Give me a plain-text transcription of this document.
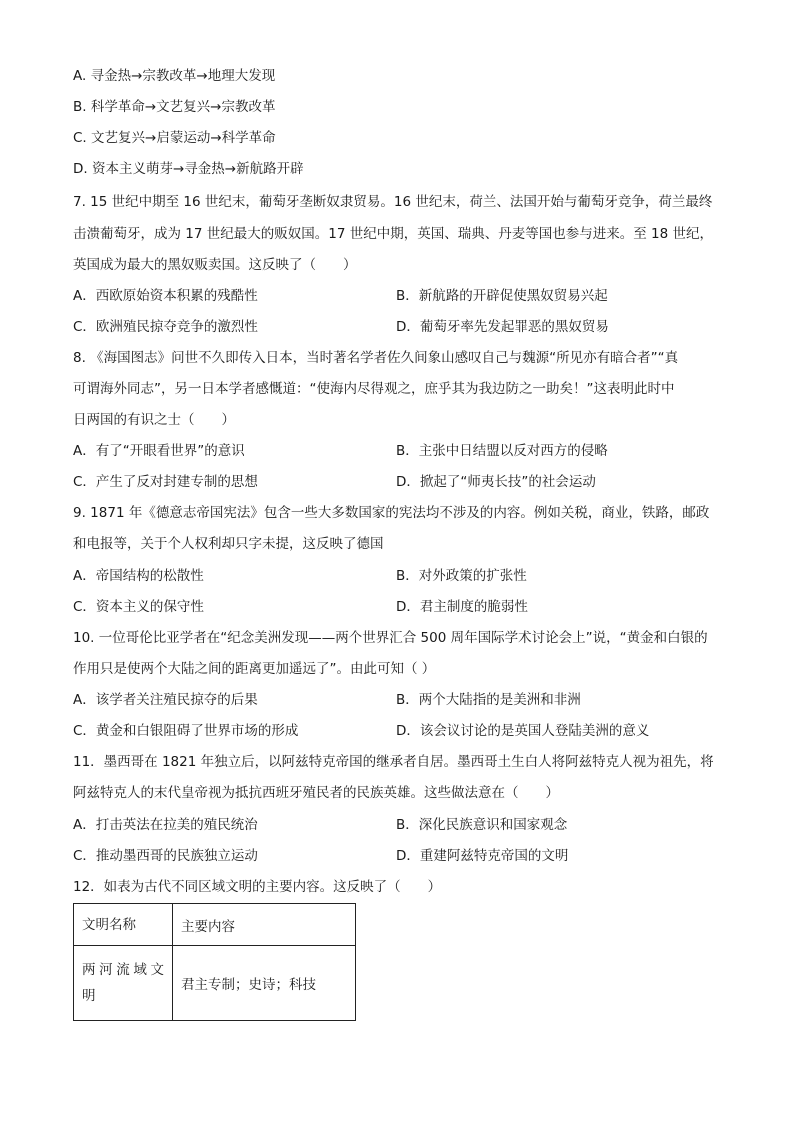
A. 寻金热→宗教改革→地理大发现
B. 科学革命→文艺复兴→宗教改革
C. 文艺复兴→启蒙运动→科学革命
D. 资本主义萌芽→寻金热→新航路开辟
7. 15 世纪中期至 16 世纪末，葡萄牙垄断奴隶贸易。16 世纪末，荷兰、法国开始与葡萄牙竞争，荷兰最终
击溃葡萄牙，成为 17 世纪最大的贩奴国。17 世纪中期，英国、瑞典、丹麦等国也参与进来。至 18 世纪，
英国成为最大的黑奴贩卖国。这反映了（　　）
A．西欧原始资本积累的残酷性	B．新航路的开辟促使黑奴贸易兴起
C．欧洲殖民掠夺竞争的激烈性	D．葡萄牙率先发起罪恶的黑奴贸易
8. 《海国图志》问世不久即传入日本，当时著名学者佐久间象山感叹自己与魏源“所见亦有暗合者”“真
可谓海外同志”，另一日本学者感慨道：“使海内尽得观之，庶乎其为我边防之一助矣！”这表明此时中
日两国的有识之士（　　）
A．有了“开眼看世界”的意识	B．主张中日结盟以反对西方的侵略
C．产生了反对封建专制的思想	D．掀起了“师夷长技”的社会运动
9. 1871 年《德意志帝国宪法》包含一些大多数国家的宪法均不涉及的内容。例如关税，商业，铁路，邮政
和电报等，关于个人权利却只字未提，这反映了德国
A．帝国结构的松散性	B．对外政策的扩张性
C．资本主义的保守性	D．君主制度的脆弱性
10. 一位哥伦比亚学者在“纪念美洲发现——两个世界汇合 500 周年国际学术讨论会上”说，“黄金和白银的
作用只是使两个大陆之间的距离更加遥远了”。由此可知（ ）
A．该学者关注殖民掠夺的后果	B．两个大陆指的是美洲和非洲
C．黄金和白银阻碍了世界市场的形成	D．该会议讨论的是英国人登陆美洲的意义
11．墨西哥在 1821 年独立后，以阿兹特克帝国的继承者自居。墨西哥土生白人将阿兹特克人视为祖先，将
阿兹特克人的末代皇帝视为抵抗西班牙殖民者的民族英雄。这些做法意在（　　）
A．打击英法在拉美的殖民统治	B．深化民族意识和国家观念
C．推动墨西哥的民族独立运动	D．重建阿兹特克帝国的文明
12．如表为古代不同区域文明的主要内容。这反映了（　　）
文明名称	主要内容
两河流域文
明	君主专制；史诗；科技
